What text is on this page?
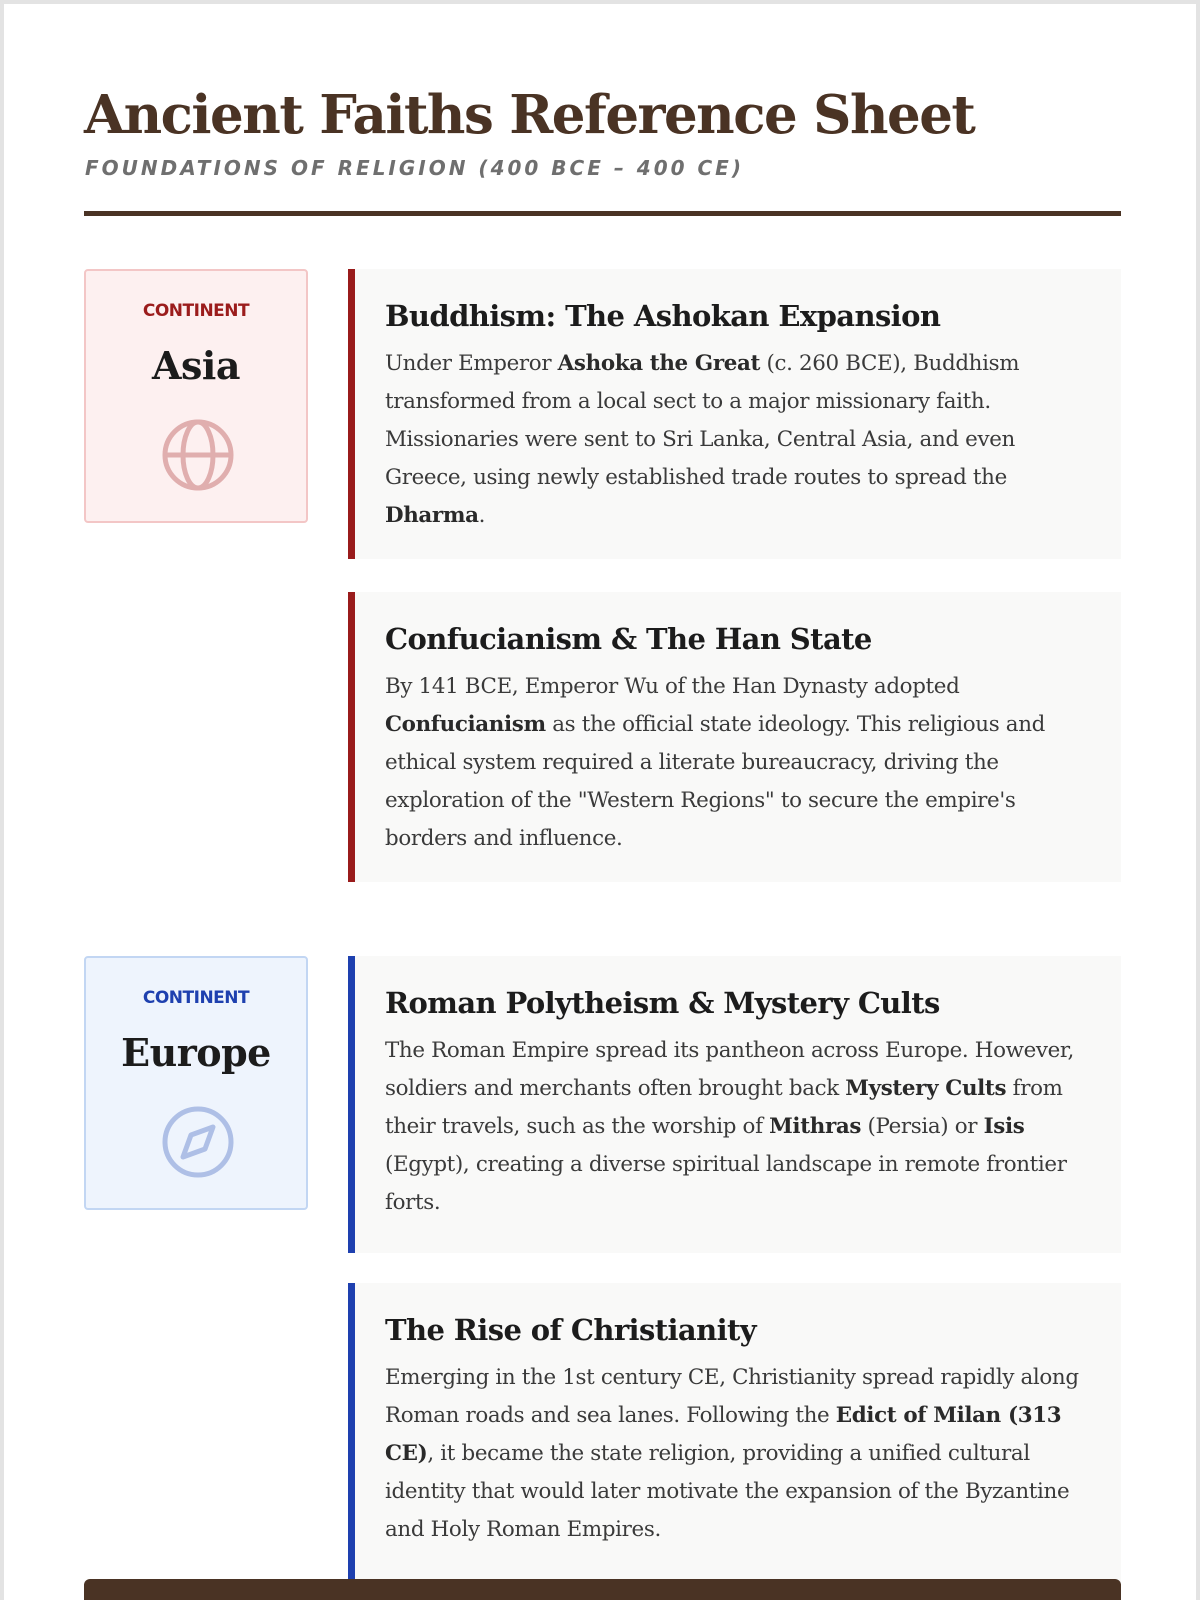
Ancient Faiths Reference Sheet
FOUNDATIONS OF RELIGION (400 BCE – 400 CE)
CONTINENT
Asia
Buddhism: The Ashokan Expansion

Under Emperor Ashoka the Great (c. 260 BCE), Buddhism transformed from a local sect to a major missionary faith. Missionaries were sent to Sri Lanka, Central Asia, and even Greece, using newly established trade routes to spread the Dharma.

Confucianism & The Han State

By 141 BCE, Emperor Wu of the Han Dynasty adopted Confucianism as the official state ideology. This religious and ethical system required a literate bureaucracy, driving the exploration of the "Western Regions" to secure the empire's borders and influence.

CONTINENT
Europe
Roman Polytheism & Mystery Cults

The Roman Empire spread its pantheon across Europe. However, soldiers and merchants often brought back Mystery Cults from their travels, such as the worship of Mithras (Persia) or Isis (Egypt), creating a diverse spiritual landscape in remote frontier forts.

The Rise of Christianity

Emerging in the 1st century CE, Christianity spread rapidly along Roman roads and sea lanes. Following the Edict of Milan (313 CE), it became the state religion, providing a unified cultural identity that would later motivate the expansion of the Byzantine and Holy Roman Empires.
